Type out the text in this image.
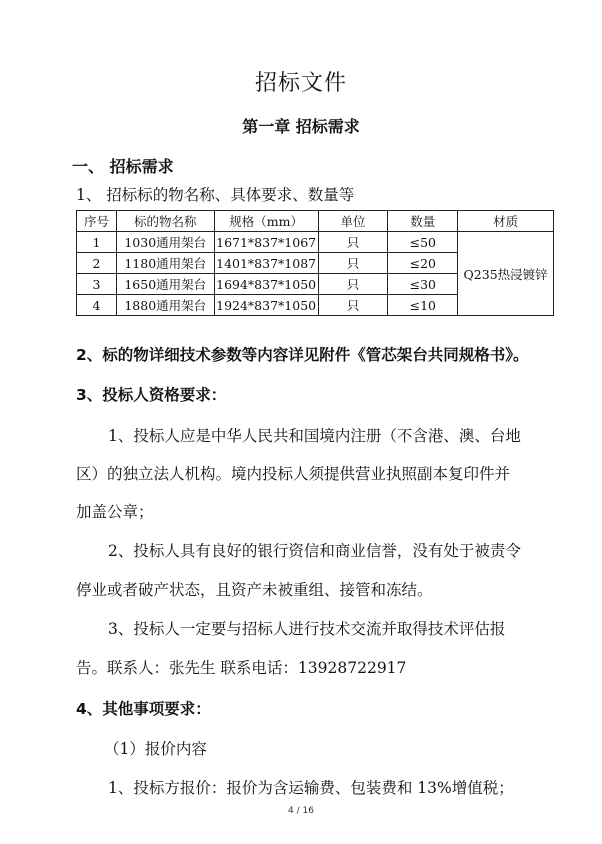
招标文件
第一章 招标需求
一、 招标需求
1、 招标标的物名称、具体要求、数量等
序号	标的物名称	规格（mm）	单位	数量	材质
1	1030通用架台	1671*837*1067	只	≤50	Q235热浸镀锌
2	1180通用架台	1401*837*1087	只	≤20	
3	1650通用架台	1694*837*1050	只	≤30	
4	1880通用架台	1924*837*1050	只	≤10	
2、标的物详细技术参数等内容详见附件《管芯架台共同规格书》。
3、投标人资格要求：
1、投标人应是中华人民共和国境内注册（不含港、澳、台地
区）的独立法人机构。境内投标人须提供营业执照副本复印件并
加盖公章；
2、投标人具有良好的银行资信和商业信誉，没有处于被责令
停业或者破产状态，且资产未被重组、接管和冻结。
3、投标人一定要与招标人进行技术交流并取得技术评估报
告。联系人：张先生 联系电话：13928722917
4、其他事项要求：
（1）报价内容
1、投标方报价：报价为含运输费、包装费和 13%增值税；
4 / 16
